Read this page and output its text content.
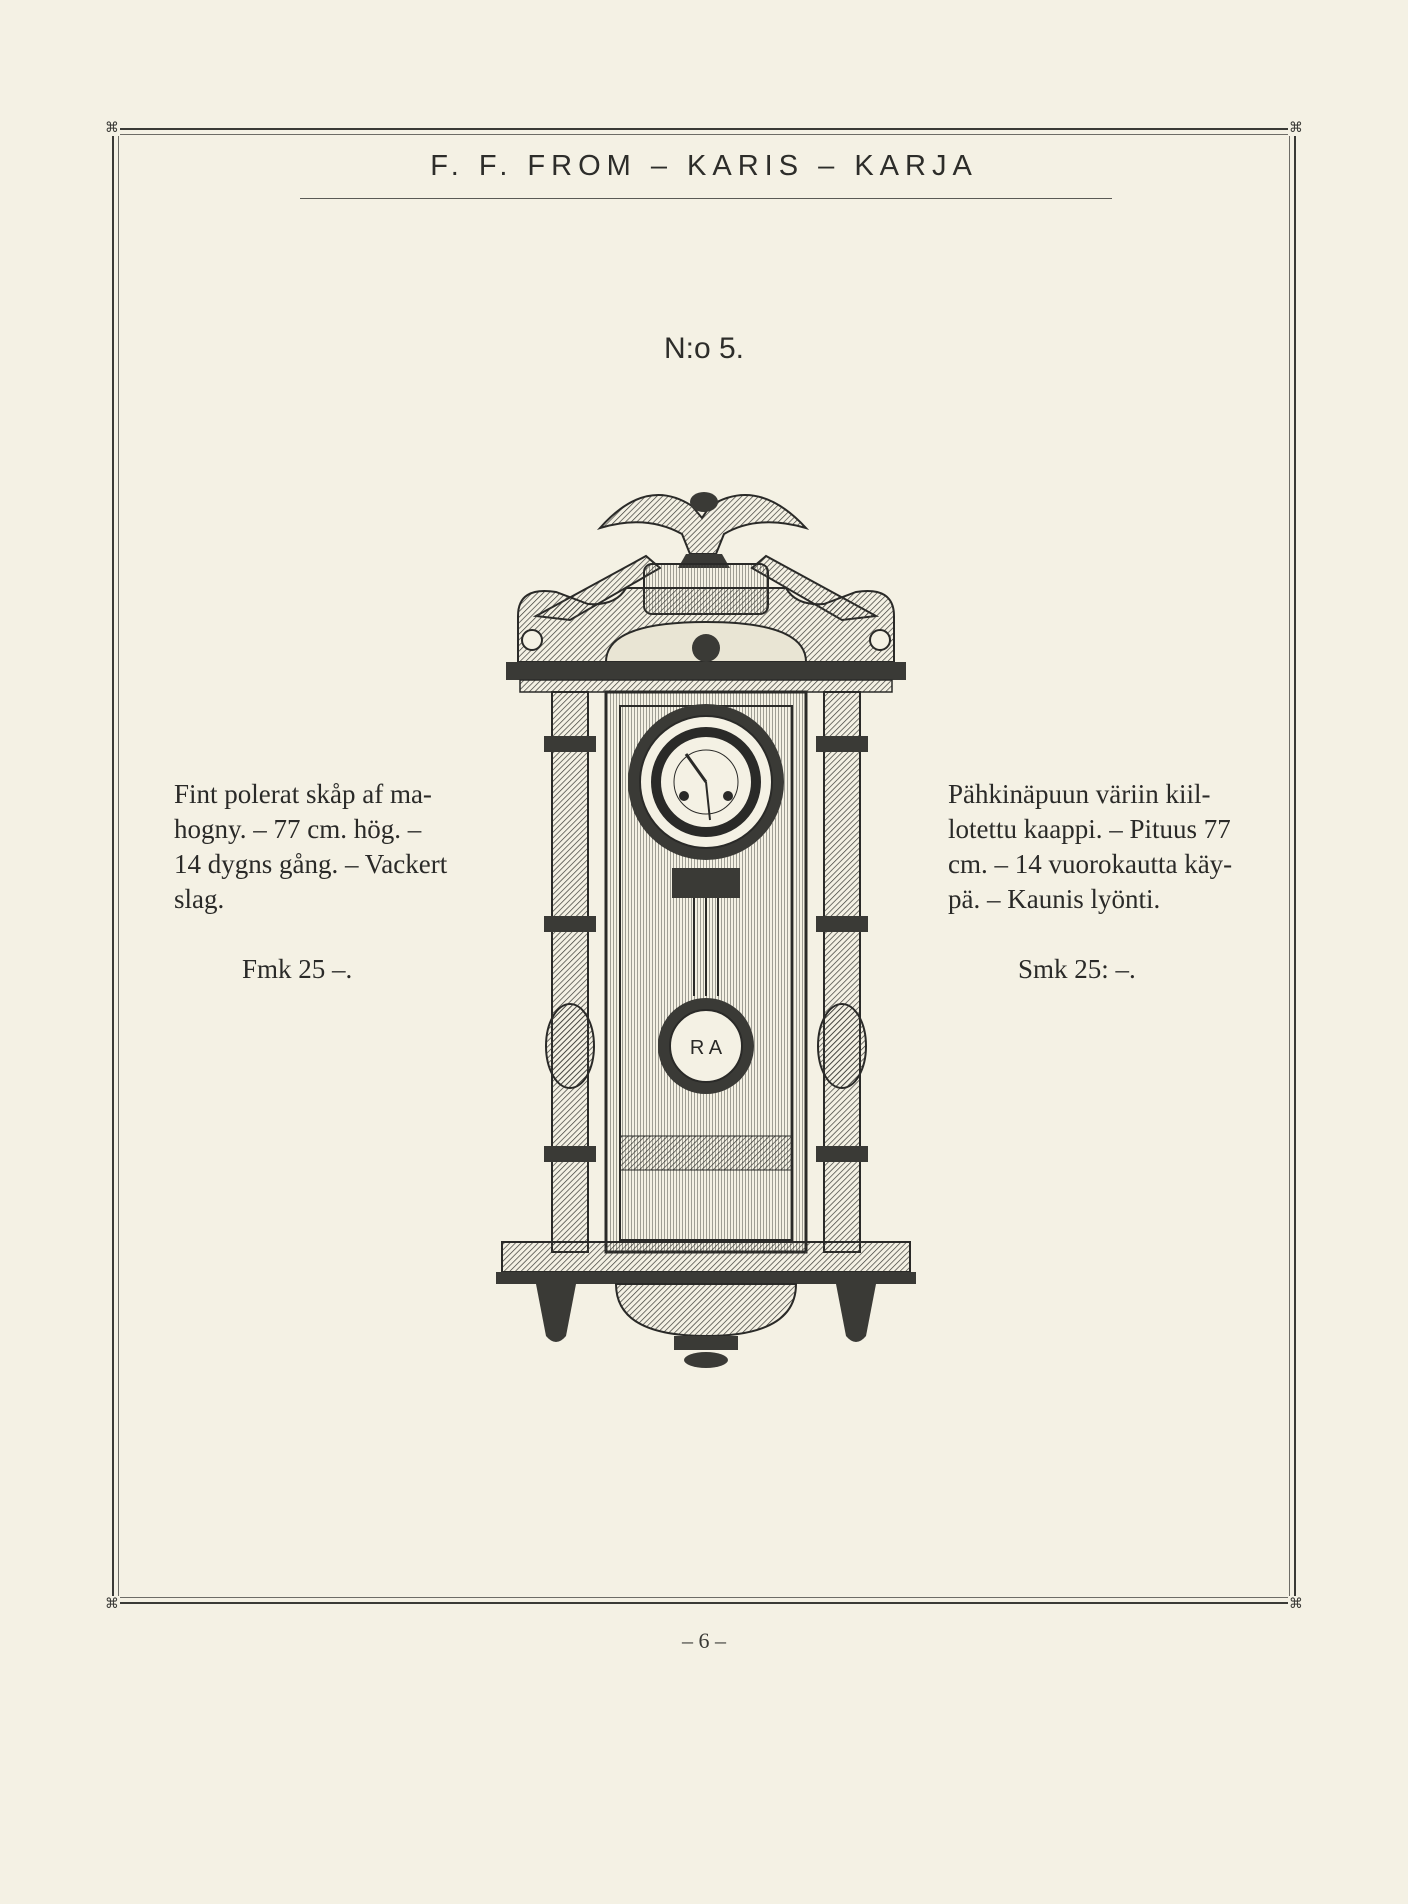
⌘	⌘
⌘	⌘
F. F. FROM – KARIS – KARJA
N:o 5.

Fint polerat skåp af ma-

hogny. – 77 cm. hög. –

14 dygns gång. – Vackert

slag.

Fmk 25 –.

Pähkinäpuun väriin kiil-

lotettu kaappi. – Pituus 77

cm. – 14 vuorokautta käy-

pä. – Kaunis lyönti.

Smk 25: –.
R A
– 6 –
